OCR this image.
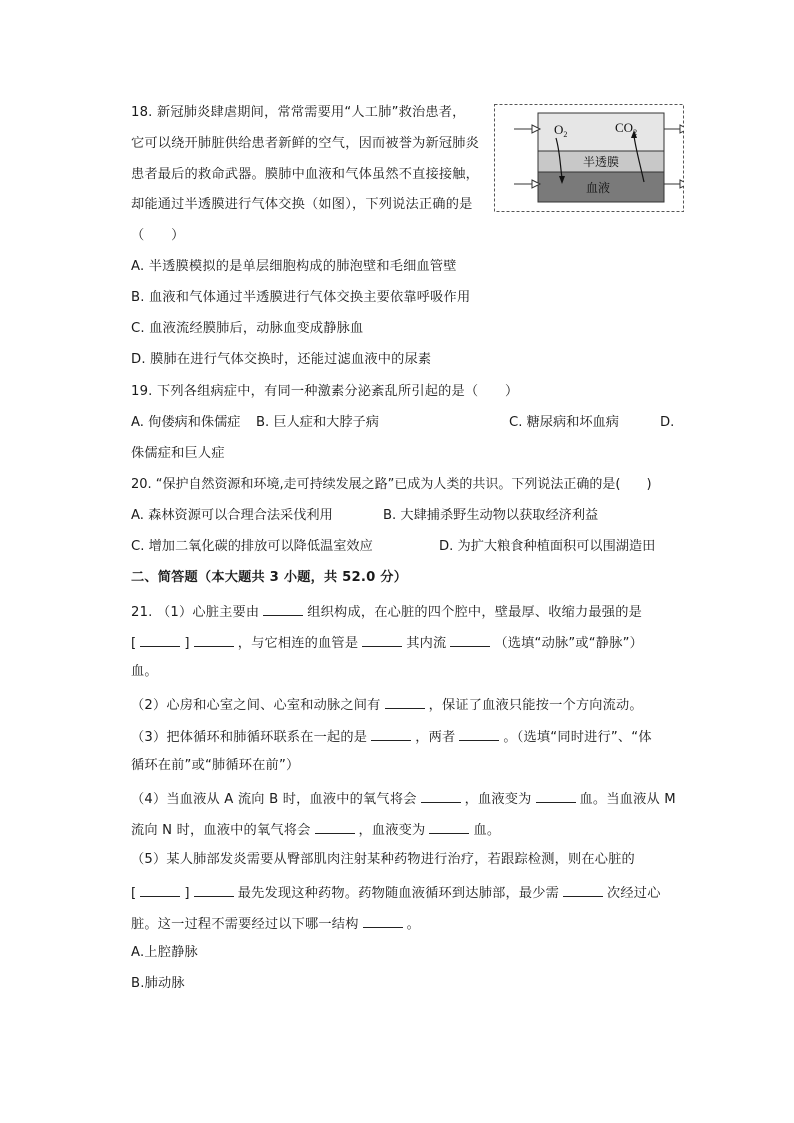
18. 新冠肺炎肆虐期间，常常需要用“人工肺”救治患者，
它可以绕开肺脏供给患者新鲜的空气，因而被誉为新冠肺炎
患者最后的救命武器。膜肺中血液和气体虽然不直接接触，
却能通过半透膜进行气体交换（如图），下列说法正确的是
（　　）
$O_2$	$CO_2$
半透膜
血液
A. 半透膜模拟的是单层细胞构成的肺泡壁和毛细血管壁
B. 血液和气体通过半透膜进行气体交换主要依靠呼吸作用
C. 血液流经膜肺后，动脉血变成静脉血
D. 膜肺在进行气体交换时，还能过滤血液中的尿素
19. 下列各组病症中，有同一种激素分泌紊乱所引起的是（　　）
A. 佝偻病和侏儒症 B. 巨人症和大脖子病	C. 糖尿病和坏血病	D.
侏儒症和巨人症
20. “保护自然资源和环境,走可持续发展之路”已成为人类的共识。下列说法正确的是(　　)
A. 森林资源可以合理合法采伐利用	B. 大肆捕杀野生动物以获取经济利益
C. 增加二氧化碳的排放可以降低温室效应	D. 为扩大粮食种植面积可以围湖造田
二、简答题（本大题共 3 小题，共 52.0 分）
21. （1）心脏主要由	组织构成，在心脏的四个腔中，壁最厚、收缩力最强的是
[	]	，与它相连的血管是	其内流	（选填“动脉”或“静脉”）
血。
（2）心房和心室之间、心室和动脉之间有	，保证了血液只能按一个方向流动。
（3）把体循环和肺循环联系在一起的是	，两者	。（选填“同时进行”、“体
循环在前”或“肺循环在前”）
（4）当血液从 A 流向 B 时，血液中的氧气将会	，血液变为	血。当血液从 M
流向 N 时，血液中的氧气将会	，血液变为	血。
（5）某人肺部发炎需要从臀部肌肉注射某种药物进行治疗，若跟踪检测，则在心脏的
[	]	最先发现这种药物。药物随血液循环到达肺部，最少需	次经过心
脏。这一过程不需要经过以下哪一结构	。
A.上腔静脉
B.肺动脉
